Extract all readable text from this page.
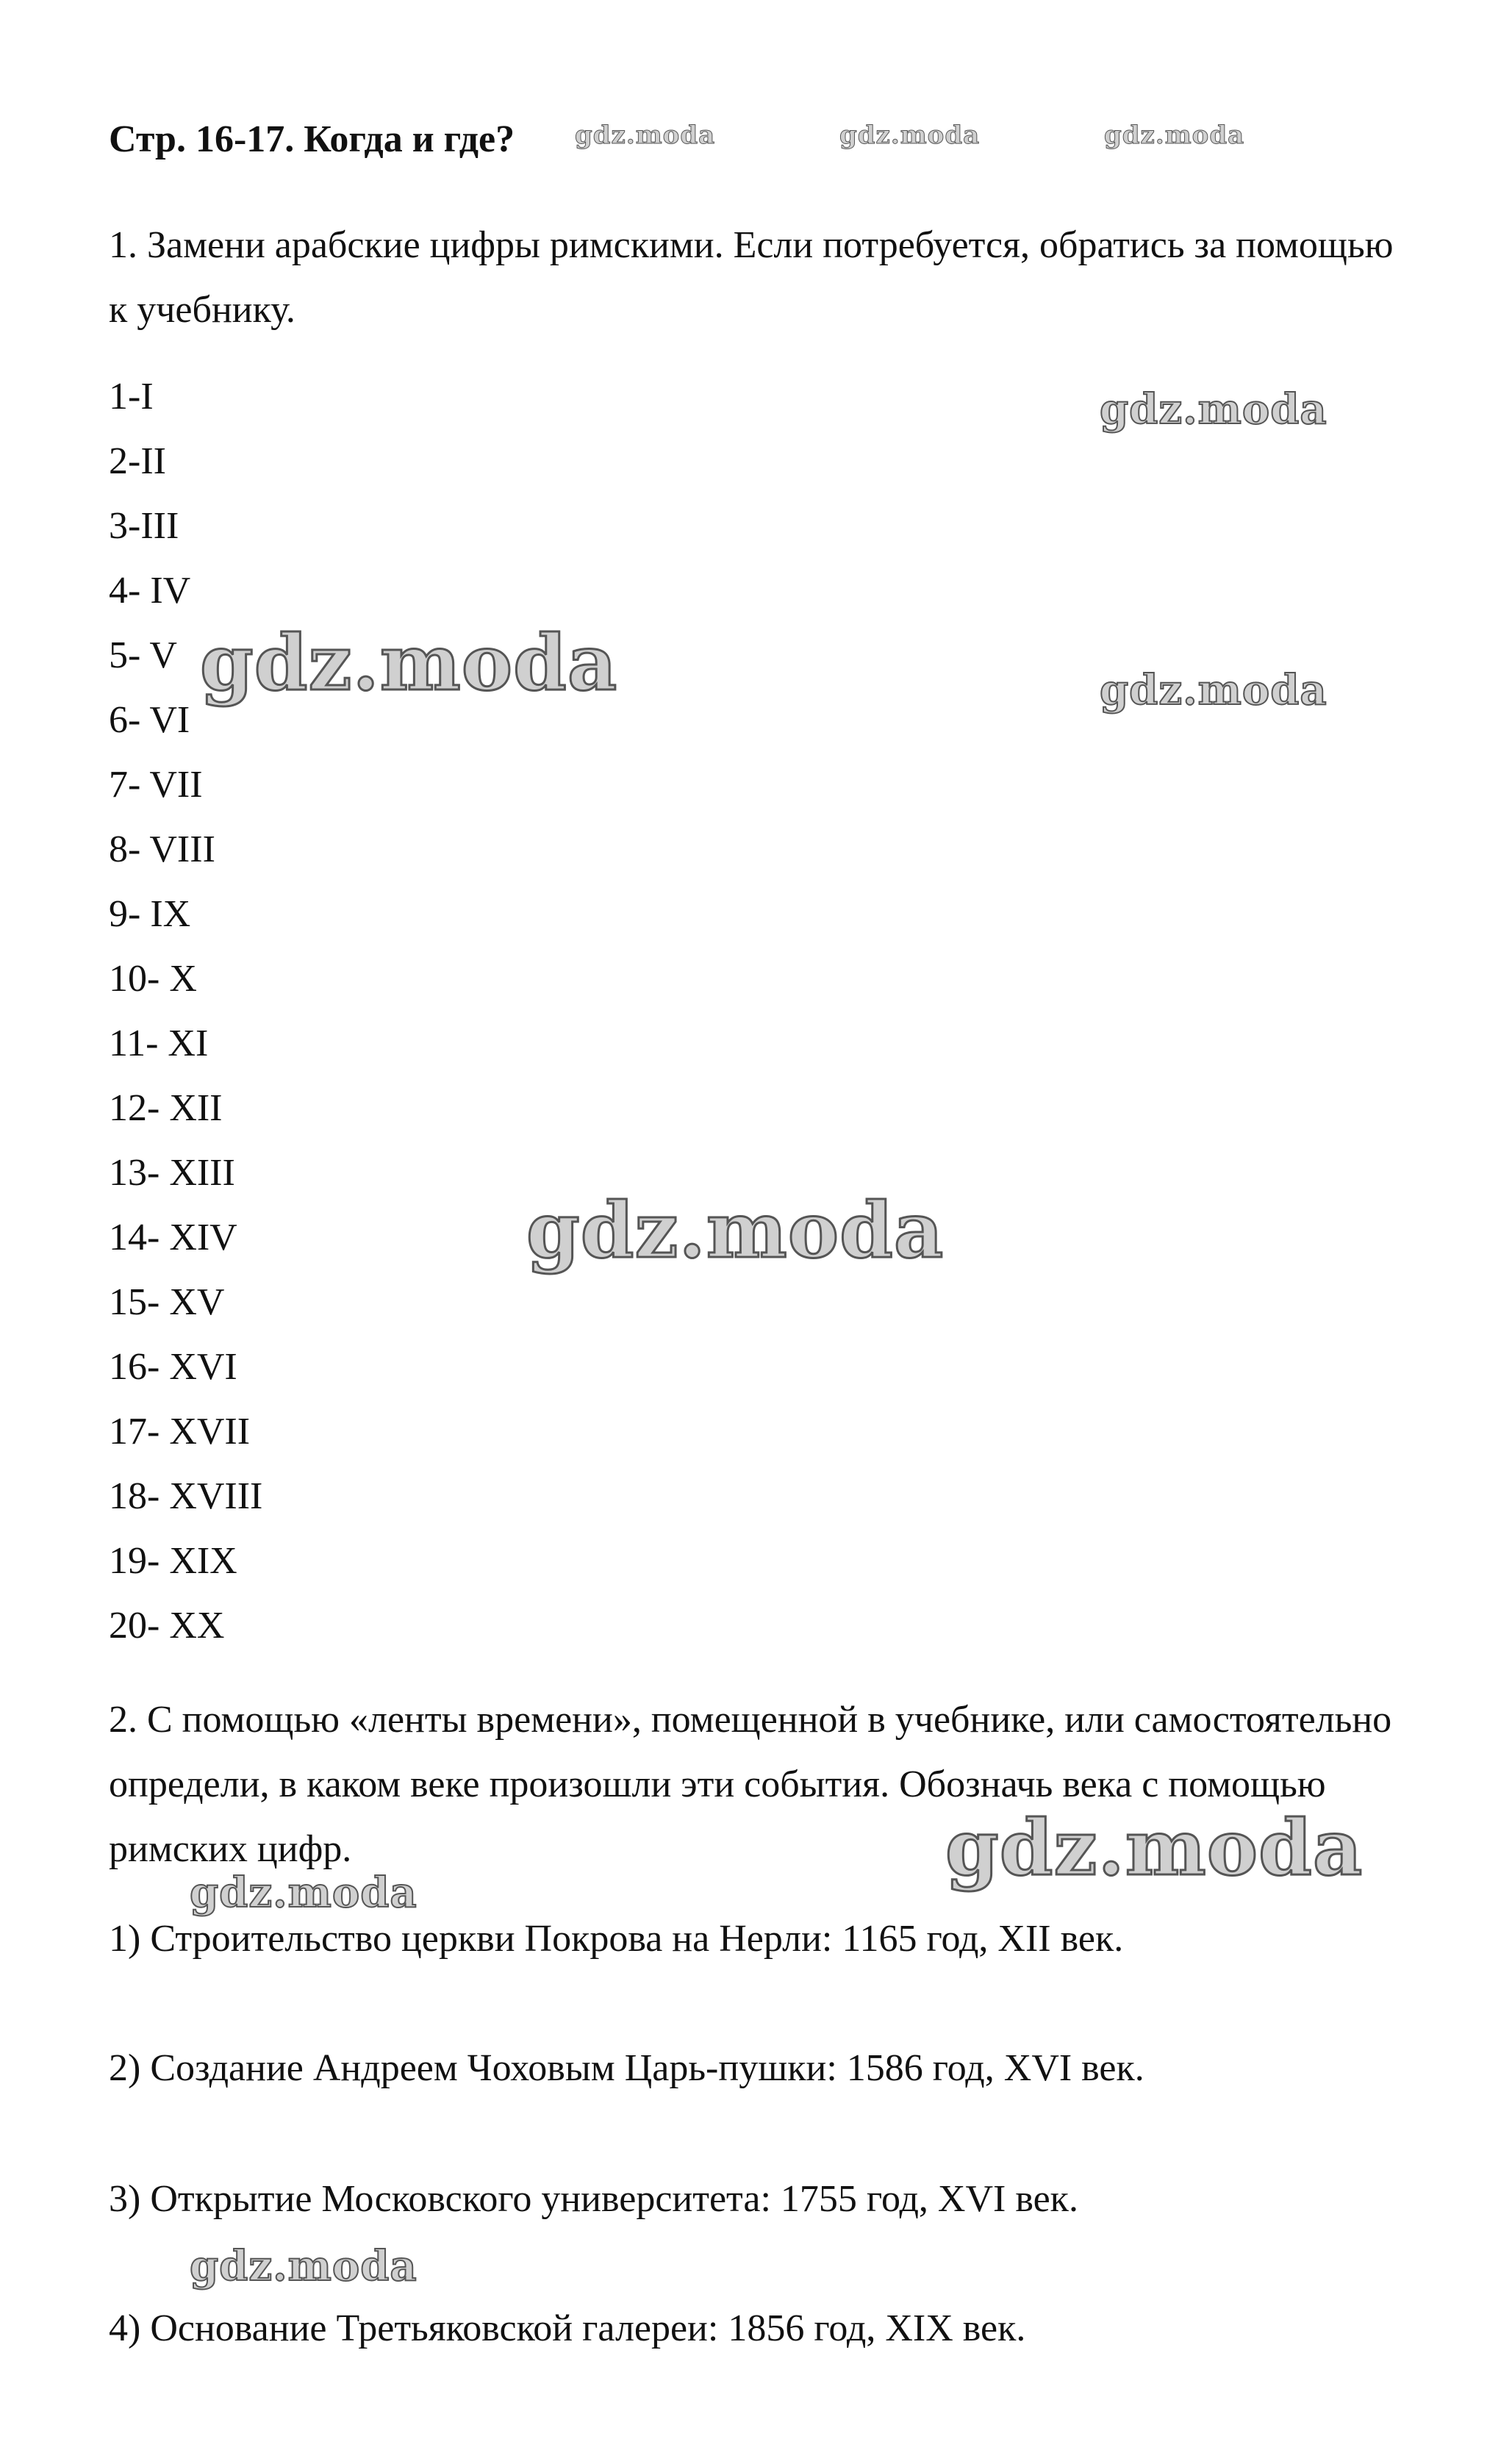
Стр. 16-17. Когда и где?
1. Замени арабские цифры римскими. Если потребуется, обратись за помощью к учебнику.
1-I
2-II
3-III
4- IV
5- V
6- VI
7- VII
8- VIII
9- IX
10- X
11- XI
12- XII
13- XIII
14- XIV
15- XV
16- XVI
17- XVII
18- XVIII
19- XIX
20- XX
2. С помощью «ленты времени», помещенной в учебнике, или самостоятельно определи, в каком веке произошли эти события. Обозначь века с помощью римских цифр.
1) Строительство церкви Покрова на Нерли: 1165 год, XII век.
2) Создание Андреем Чоховым Царь-пушки: 1586 год, XVI век.
3) Открытие Московского университета: 1755 год, XVI век.
4) Основание Третьяковской галереи: 1856 год, XIX век.
gdz.moda	gdz.moda	gdz.moda
gdz.moda
gdz.moda
gdz.moda
gdz.moda
gdz.moda
gdz.moda
gdz.moda
